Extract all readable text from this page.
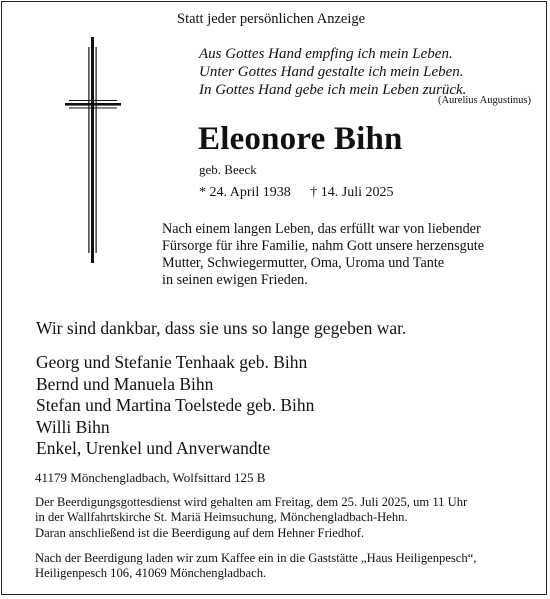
Statt jeder persönlichen Anzeige
Aus Gottes Hand empfing ich mein Leben.
Unter Gottes Hand gestalte ich mein Leben.
In Gottes Hand gebe ich mein Leben zurück.
(Aurelius Augustinus)
Eleonore Bihn
geb. Beeck
* 24. April 1938 † 14. Juli 2025
Nach einem langen Leben, das erfüllt war von liebender
Fürsorge für ihre Familie, nahm Gott unsere herzensgute
Mutter, Schwiegermutter, Oma, Uroma und Tante
in seinen ewigen Frieden.
Wir sind dankbar, dass sie uns so lange gegeben war.
Georg und Stefanie Tenhaak geb. Bihn
Bernd und Manuela Bihn
Stefan und Martina Toelstede geb. Bihn
Willi Bihn
Enkel, Urenkel und Anverwandte
41179 Mönchengladbach, Wolfsittard 125 B
Der Beerdigungsgottesdienst wird gehalten am Freitag, dem 25. Juli 2025, um 11 Uhr
in der Wallfahrtskirche St. Mariä Heimsuchung, Mönchengladbach-Hehn.
Daran anschließend ist die Beerdigung auf dem Hehner Friedhof.
Nach der Beerdigung laden wir zum Kaffee ein in die Gaststätte „Haus Heiligenpesch“,
Heiligenpesch 106, 41069 Mönchengladbach.
